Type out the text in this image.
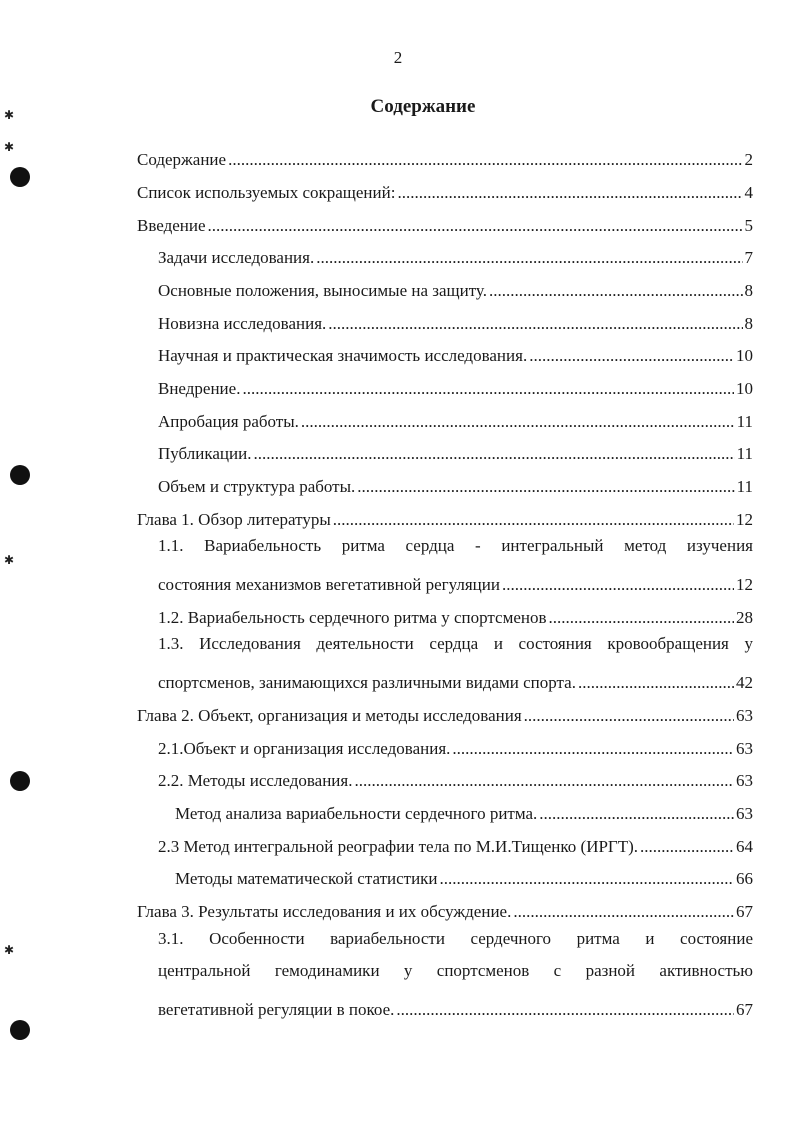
✱
✱
✱
✱
2
Содержание
Содержание .....	2
Список используемых сокращений: .....	4
Введение .....	5
Задачи исследования. .....	7
Основные положения, выносимые на защиту. .....	8
Новизна исследования. .....	8
Научная и практическая значимость исследования. .....	10
Внедрение. .....	10
Апробация работы. .....	11
Публикации. .....	11
Объем и структура работы. .....	11
Глава 1. Обзор литературы .....	12
1.1. Вариабельность ритма сердца - интегральный метод изучения
состояния механизмов вегетативной регуляции .....	12
1.2. Вариабельность сердечного ритма у спортсменов .....	28
1.3. Исследования деятельности сердца и состояния кровообращения у
спортсменов, занимающихся различными видами спорта. .....	42
Глава 2. Объект, организация и методы исследования .....	63
2.1.Объект и организация исследования. .....	63
2.2. Методы исследования. .....	63
Метод анализа вариабельности сердечного ритма. .....	63
2.3 Метод интегральной реографии тела по М.И.Тищенко (ИРГТ). .....	64
Методы математической статистики .....	66
Глава 3. Результаты исследования и их обсуждение. .....	67
3.1. Особенности вариабельности сердечного ритма и состояние
центральной гемодинамики у спортсменов с разной активностью
вегетативной регуляции в покое. .....	67
